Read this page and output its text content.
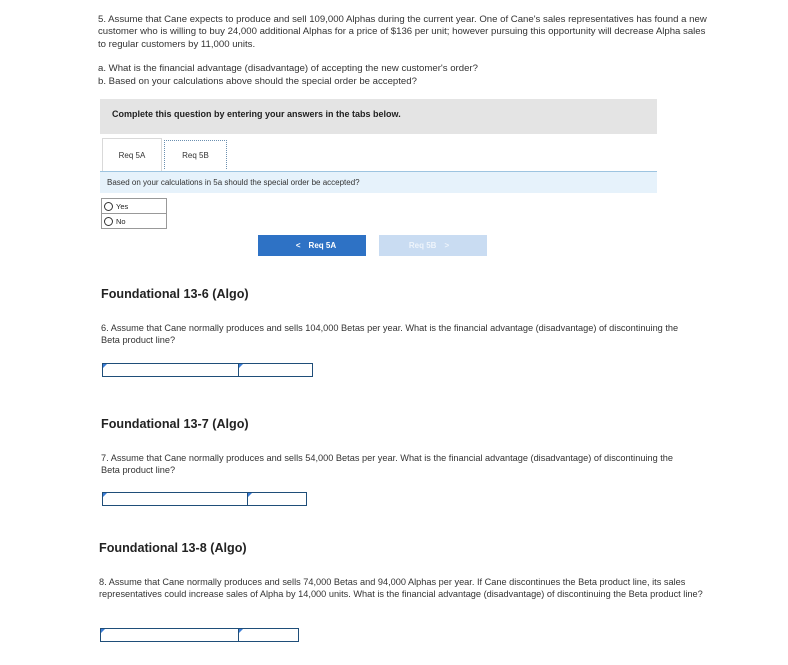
5. Assume that Cane expects to produce and sell 109,000 Alphas during the current year. One of Cane's sales representatives has found a new customer who is willing to buy 24,000 additional Alphas for a price of $136 per unit; however pursuing this opportunity will decrease Alpha sales to regular customers by 11,000 units.

a. What is the financial advantage (disadvantage) of accepting the new customer's order?

b. Based on your calculations above should the special order be accepted?

Complete this question by entering your answers in the tabs below.
Req 5A	Req 5B
Based on your calculations in 5a should the special order be accepted?
Yes
No
< Req 5A	Req 5B >
Foundational 13-6 (Algo)

6. Assume that Cane normally produces and sells 104,000 Betas per year. What is the financial advantage (disadvantage) of discontinuing the Beta product line?

Foundational 13-7 (Algo)

7. Assume that Cane normally produces and sells 54,000 Betas per year. What is the financial advantage (disadvantage) of discontinuing the Beta product line?

Foundational 13-8 (Algo)

8. Assume that Cane normally produces and sells 74,000 Betas and 94,000 Alphas per year. If Cane discontinues the Beta product line, its sales representatives could increase sales of Alpha by 14,000 units. What is the financial advantage (disadvantage) of discontinuing the Beta product line?
